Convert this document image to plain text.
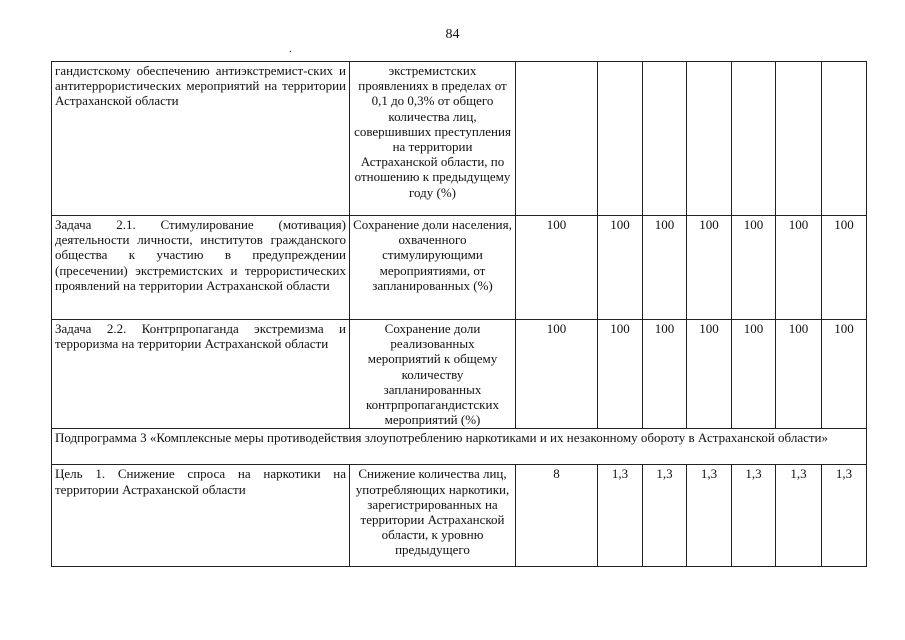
84
.
гандистскому обеспечению антиэкстремист-ских и антитеррористических мероприятий на территории Астраханской области	экстремистских проявлениях в пределах от 0,1 до 0,3% от общего количества лиц, совершивших преступления на территории Астраханской области, по отношению к предыдущему году (%)							
Задача 2.1. Стимулирование (мотивация) деятельности личности, институтов гражданского общества к участию в предупреждении (пресечении) экстремистских и террористических проявлений на территории Астраханской области	Сохранение доли населения, охваченного стимулирующими мероприятиями, от запланированных (%)	100	100	100	100	100	100	100
Задача 2.2. Контрпропаганда экстремизма и терроризма на территории Астраханской области	Сохранение доли реализованных мероприятий к общему количеству запланированных контрпропагандистских мероприятий (%)	100	100	100	100	100	100	100
Подпрограмма 3 «Комплексные меры противодействия злоупотреблению наркотиками и их незаконному обороту в Астраханской области»								
Цель 1. Снижение спроса на наркотики на территории Астраханской области	Снижение количества лиц, употребляющих наркотики, зарегистрированных на территории Астраханской области, к уровню предыдущего	8	1,3	1,3	1,3	1,3	1,3	1,3
